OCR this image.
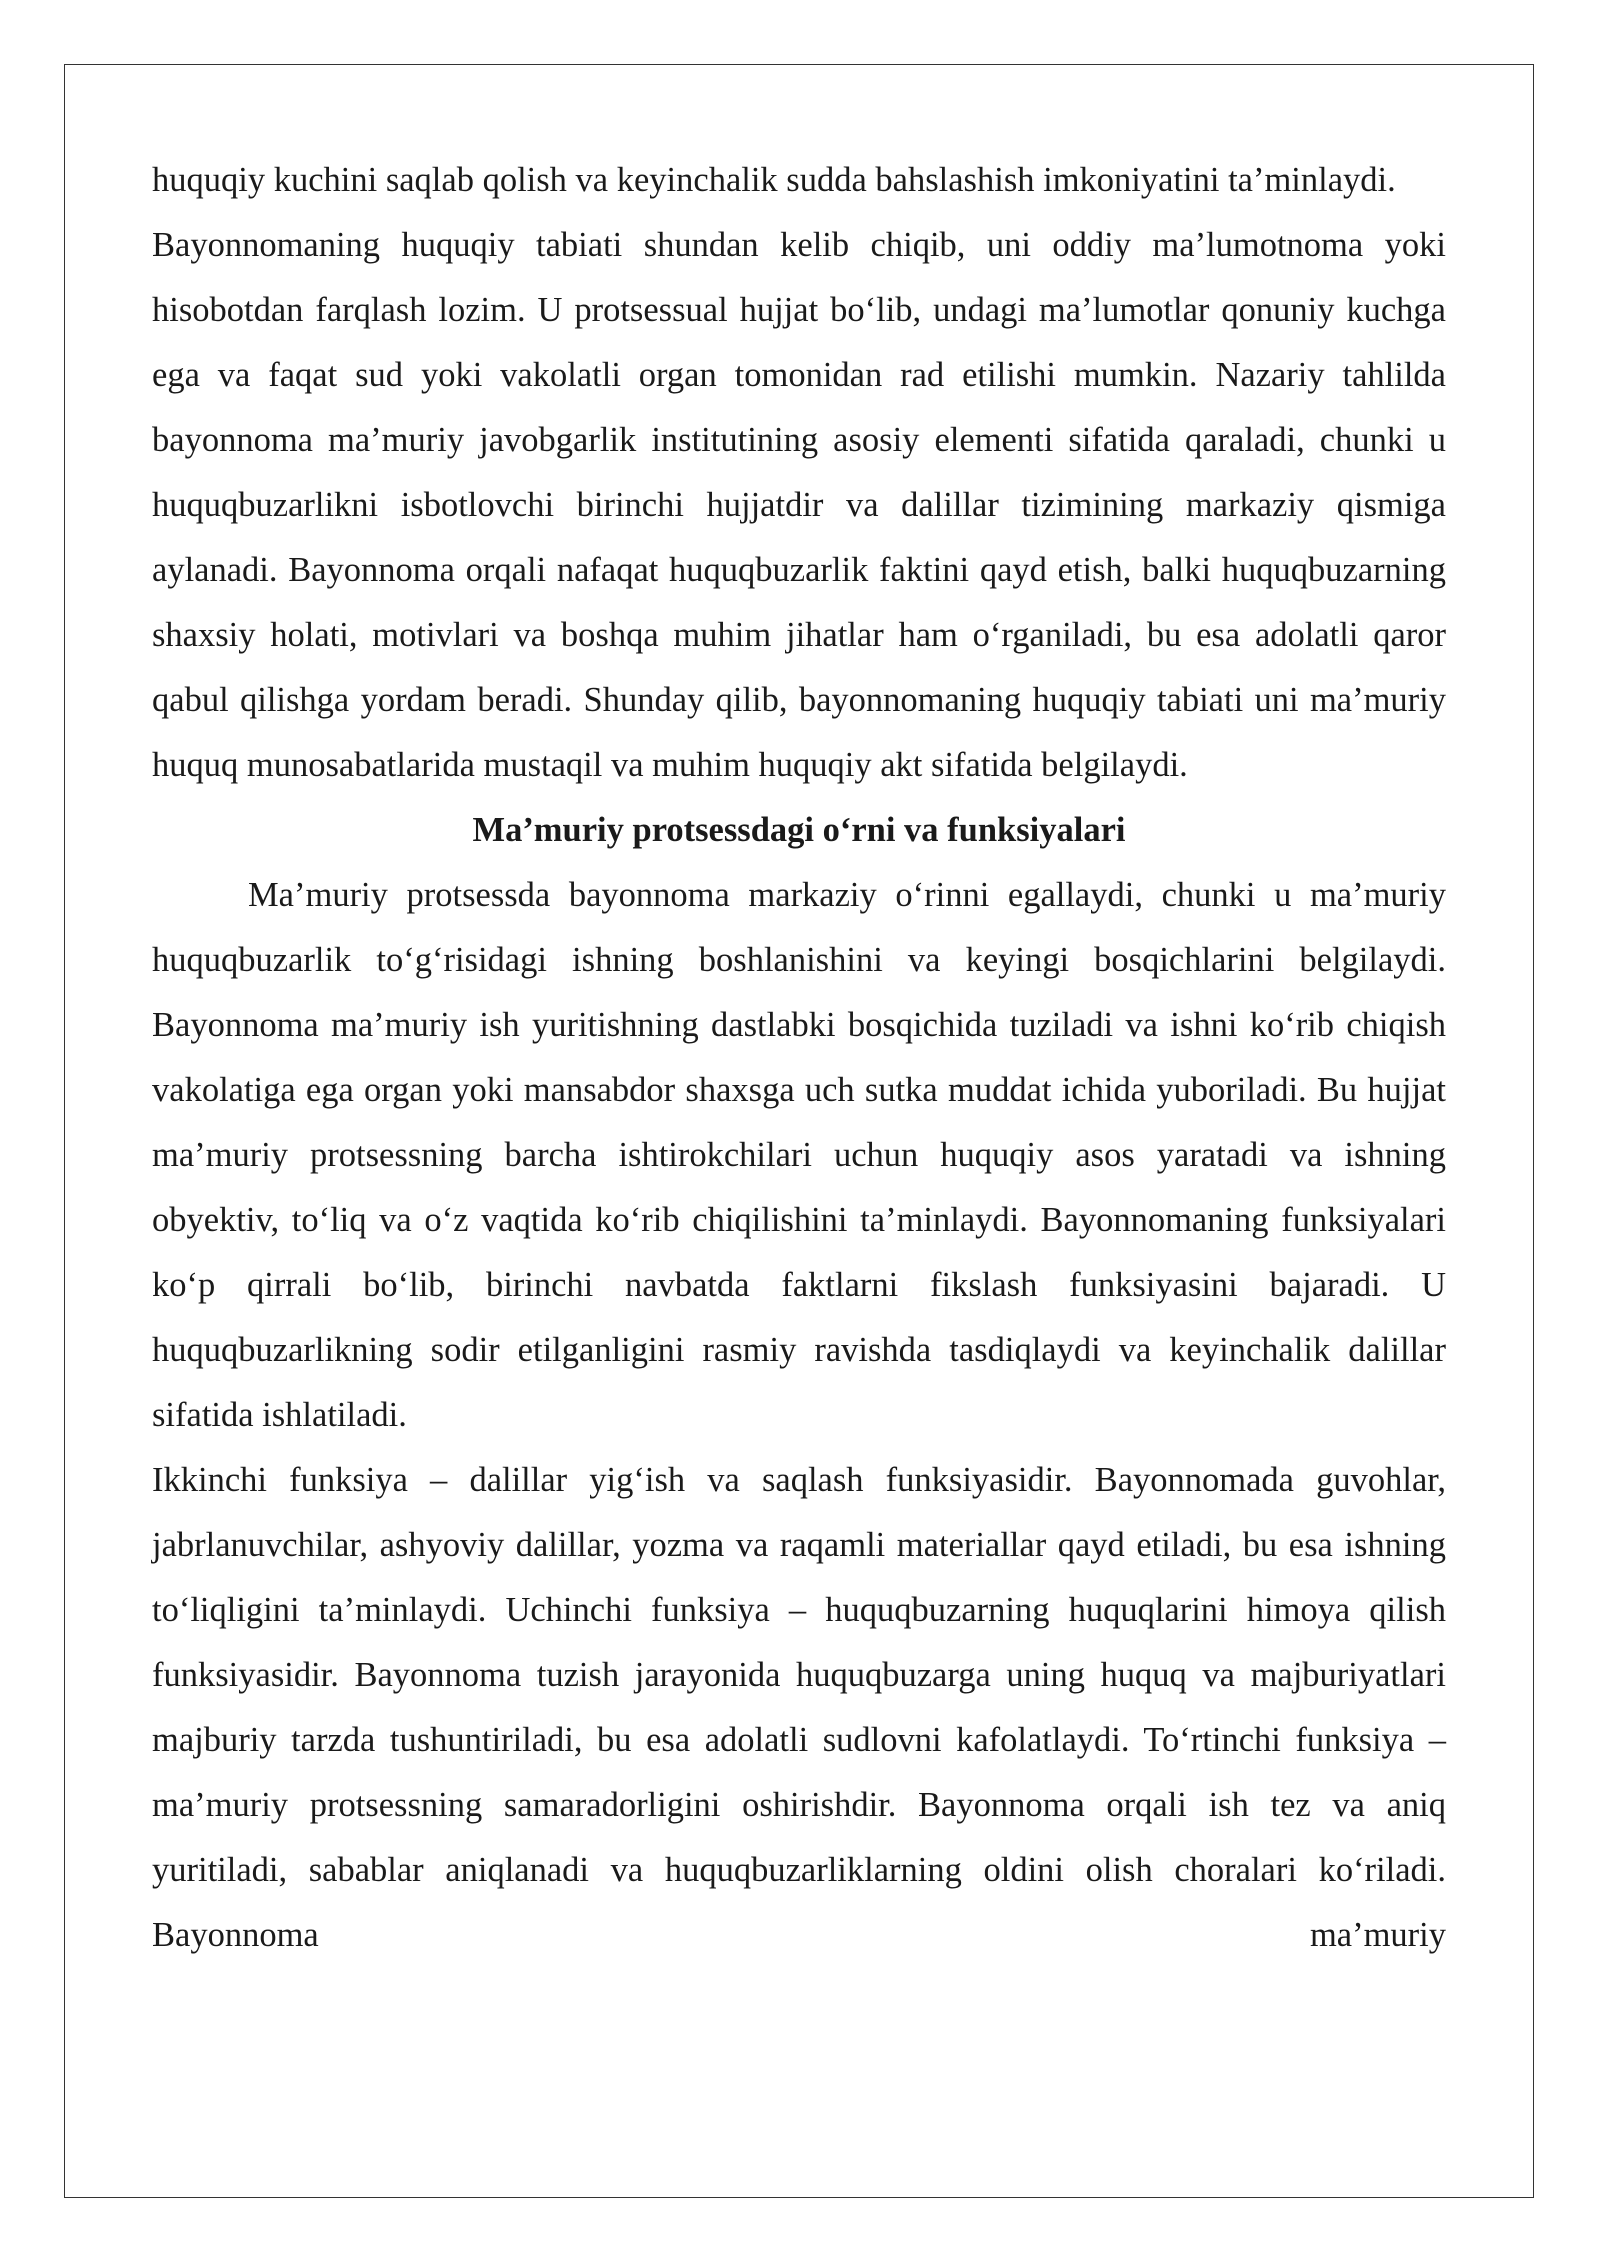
huquqiy kuchini saqlab qolish va keyinchalik sudda bahslashish imkoniyatini ta’minlaydi.

Bayonnomaning huquqiy tabiati shundan kelib chiqib, uni oddiy ma’lumotnoma yoki hisobotdan farqlash lozim. U protsessual hujjat bo‘lib, undagi ma’lumotlar qonuniy kuchga ega va faqat sud yoki vakolatli organ tomonidan rad etilishi mumkin. Nazariy tahlilda bayonnoma ma’muriy javobgarlik institutining asosiy elementi sifatida qaraladi, chunki u huquqbuzarlikni isbotlovchi birinchi hujjatdir va dalillar tizimining markaziy qismiga aylanadi. Bayonnoma orqali nafaqat huquqbuzarlik faktini qayd etish, balki huquqbuzarning shaxsiy holati, motivlari va boshqa muhim jihatlar ham o‘rganiladi, bu esa adolatli qaror qabul qilishga yordam beradi. Shunday qilib, bayonnomaning huquqiy tabiati uni ma’muriy huquq munosabatlarida mustaqil va muhim huquqiy akt sifatida belgilaydi.

Ma’muriy protsessdagi o‘rni va funksiyalari

Ma’muriy protsessda bayonnoma markaziy o‘rinni egallaydi, chunki u ma’muriy huquqbuzarlik to‘g‘risidagi ishning boshlanishini va keyingi bosqichlarini belgilaydi. Bayonnoma ma’muriy ish yuritishning dastlabki bosqichida tuziladi va ishni ko‘rib chiqish vakolatiga ega organ yoki mansabdor shaxsga uch sutka muddat ichida yuboriladi. Bu hujjat ma’muriy protsessning barcha ishtirokchilari uchun huquqiy asos yaratadi va ishning obyektiv, to‘liq va o‘z vaqtida ko‘rib chiqilishini ta’minlaydi. Bayonnomaning funksiyalari ko‘p qirrali bo‘lib, birinchi navbatda faktlarni fikslash funksiyasini bajaradi. U huquqbuzarlikning sodir etilganligini rasmiy ravishda tasdiqlaydi va keyinchalik dalillar sifatida ishlatiladi.

Ikkinchi funksiya – dalillar yig‘ish va saqlash funksiyasidir. Bayonnomada guvohlar, jabrlanuvchilar, ashyoviy dalillar, yozma va raqamli materiallar qayd etiladi, bu esa ishning to‘liqligini ta’minlaydi. Uchinchi funksiya – huquqbuzarning huquqlarini himoya qilish funksiyasidir. Bayonnoma tuzish jarayonida huquqbuzarga uning huquq va majburiyatlari majburiy tarzda tushuntiriladi, bu esa adolatli sudlovni kafolatlaydi. To‘rtinchi funksiya – ma’muriy protsessning samaradorligini oshirishdir. Bayonnoma orqali ish tez va aniq yuritiladi, sabablar aniqlanadi va huquqbuzarliklarning oldini olish choralari ko‘riladi. Bayonnoma ma’muriy
